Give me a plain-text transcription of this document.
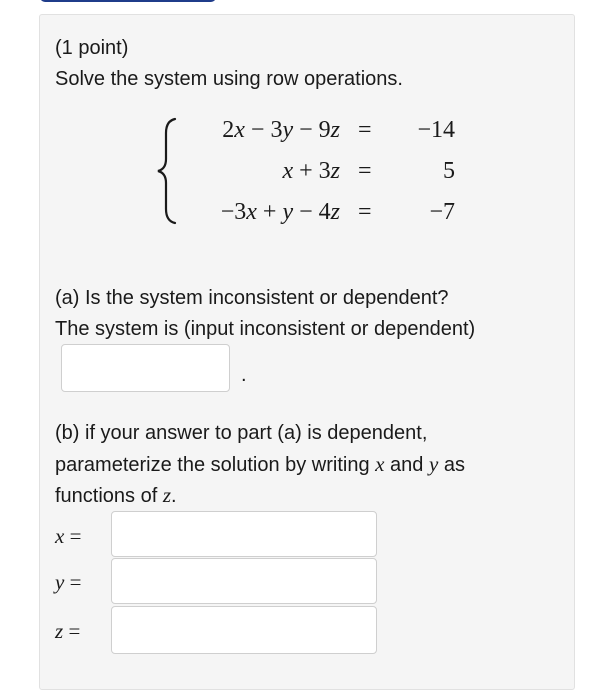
(1 point)
Solve the system using row operations.
2x − 3y − 9z = −14
x + 3z =	5
−3x + y − 4z = −7
(a) Is the system inconsistent or dependent?
The system is (input inconsistent or dependent)
.
(b) if your answer to part (a) is dependent,
parameterize the solution by writing x and y as
functions of z.
x =
y =
z =
